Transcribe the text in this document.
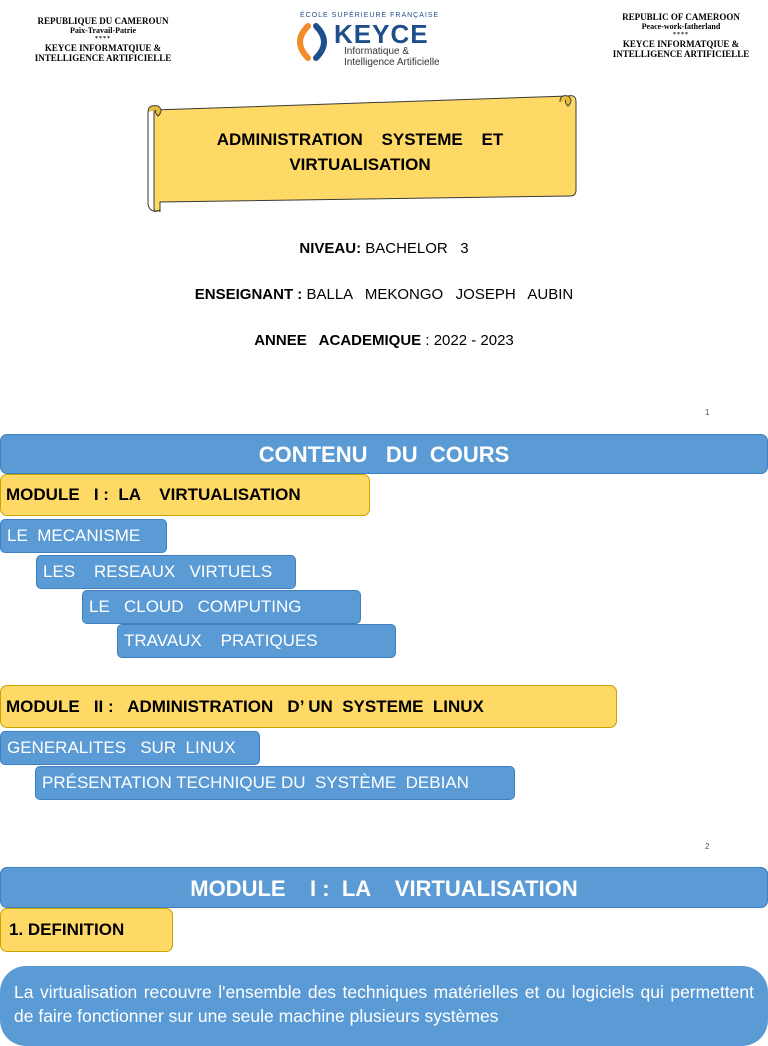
REPUBLIQUE DU CAMEROUN
Paix-Travail-Patrie
****
KEYCE INFORMATQIUE &
INTELLIGENCE ARTIFICIELLE
ÉCOLE SUPÉRIEURE FRANÇAISE
KEYCE
Informatique &
Intelligence Artificielle
REPUBLIC OF CAMEROON
Peace-work-fatherland
****
KEYCE INFORMATQIUE &
INTELLIGENCE ARTIFICIELLE
ADMINISTRATION SYSTEME ET
VIRTUALISATION
NIVEAU: BACHELOR   3
ENSEIGNANT : BALLA   MEKONGO   JOSEPH   AUBIN
ANNEE   ACADEMIQUE : 2022 - 2023
1
CONTENU   DU  COURS
MODULE   I :  LA    VIRTUALISATION
LE  MECANISME
LES    RESEAUX   VIRTUELS
LE   CLOUD   COMPUTING
TRAVAUX    PRATIQUES
MODULE   II :   ADMINISTRATION   D’ UN  SYSTEME  LINUX
GENERALITES   SUR  LINUX
PRÉSENTATION TECHNIQUE DU  SYSTÈME  DEBIAN
2
MODULE    I :  LA    VIRTUALISATION
1. DEFINITION
La virtualisation recouvre l'ensemble des techniques matérielles et ou logiciels qui permettent de faire fonctionner sur une seule machine plusieurs systèmes
